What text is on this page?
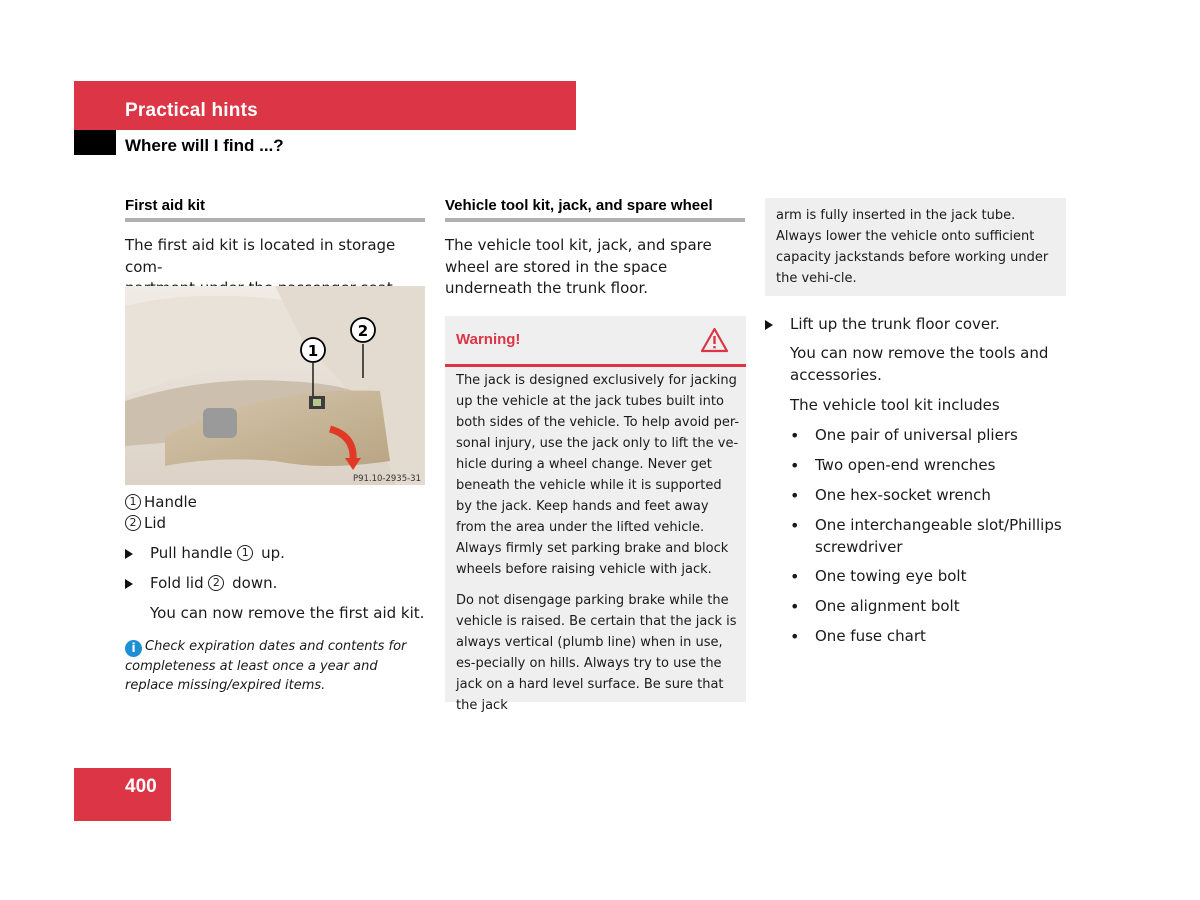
Practical hints
Where will I find ...?
First aid kit
The first aid kit is located in storage com-

1
2
P91.10-2935-31
1 Handle
2 Lid
Pull handle 1 up.
Fold lid 2 down.
You can now remove the first aid kit.
i Check expiration dates and contents for completeness at least once a year and replace missing/expired items.
Vehicle tool kit, jack, and spare wheel
The vehicle tool kit, jack, and spare wheel are stored in the space underneath the trunk floor.
Warning!
The jack is designed exclusively for jacking up the vehicle at the jack tubes built into both sides of the vehicle. To help avoid per-sonal injury, use the jack only to lift the ve-hicle during a wheel change. Never get beneath the vehicle while it is supported by the jack. Keep hands and feet away from the area under the lifted vehicle. Always firmly set parking brake and block wheels before raising vehicle with jack.
Do not disengage parking brake while the vehicle is raised. Be certain that the jack is always vertical (plumb line) when in use, es-pecially on hills. Always try to use the jack on a hard level surface. Be sure that the jack
arm is fully inserted in the jack tube. Always lower the vehicle onto sufficient capacity jackstands before working under the vehi-cle.
Lift up the trunk floor cover.
You can now remove the tools and accessories.
The vehicle tool kit includes
• One pair of universal pliers
• Two open-end wrenches
• One hex-socket wrench
• One interchangeable slot/Phillips screwdriver
• One towing eye bolt
• One alignment bolt
• One fuse chart
400
